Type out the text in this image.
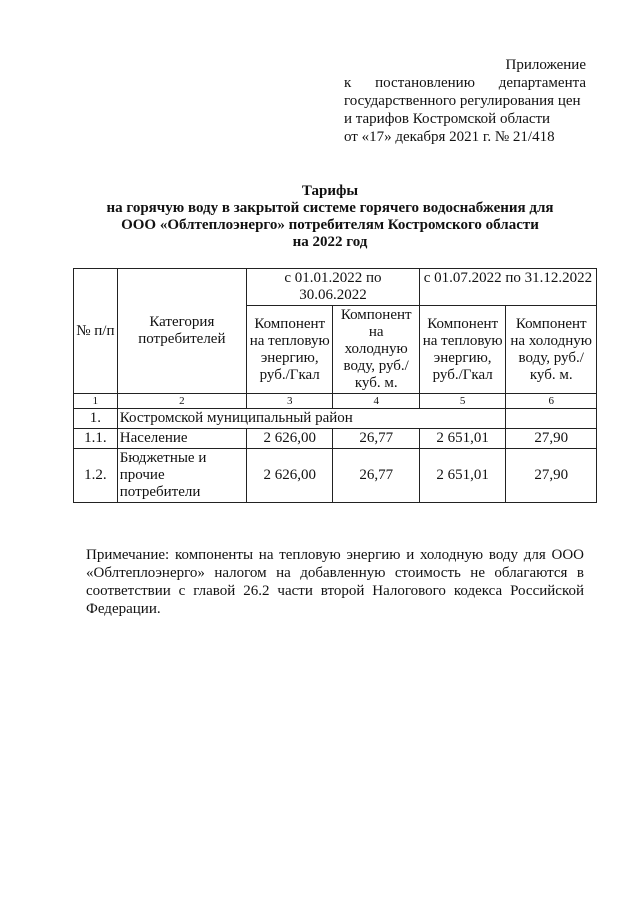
Приложение
к постановлению департамента
государственного регулирования цен
и тарифов Костромской области
от «17» декабря 2021 г. № 21/418
Тарифы
на горячую воду в закрытой системе горячего водоснабжения для
ООО «Облтеплоэнерго» потребителям Костромского области
на 2022 год
№ п/п	Категория потребителей	с 01.01.2022 по 30.06.2022		с 01.07.2022 по 31.12.2022	
		Компонент на тепловую энергию, руб./Гкал	Компонент на холодную воду, руб./куб. м.	Компонент на тепловую энергию, руб./Гкал	Компонент на холодную воду, руб./куб. м.
1	2	3	4	5	6
1.	Костромской муниципальный район				
1.1.	Население	2 626,00	26,77	2 651,01	27,90
1.2.	Бюджетные и прочие потребители	2 626,00	26,77	2 651,01	27,90

Примечание: компоненты на тепловую энергию и холодную воду для ООО «Облтеплоэнерго» налогом на добавленную стоимость не облагаются в соответствии с главой 26.2 части второй Налогового кодекса Российской Федерации.
